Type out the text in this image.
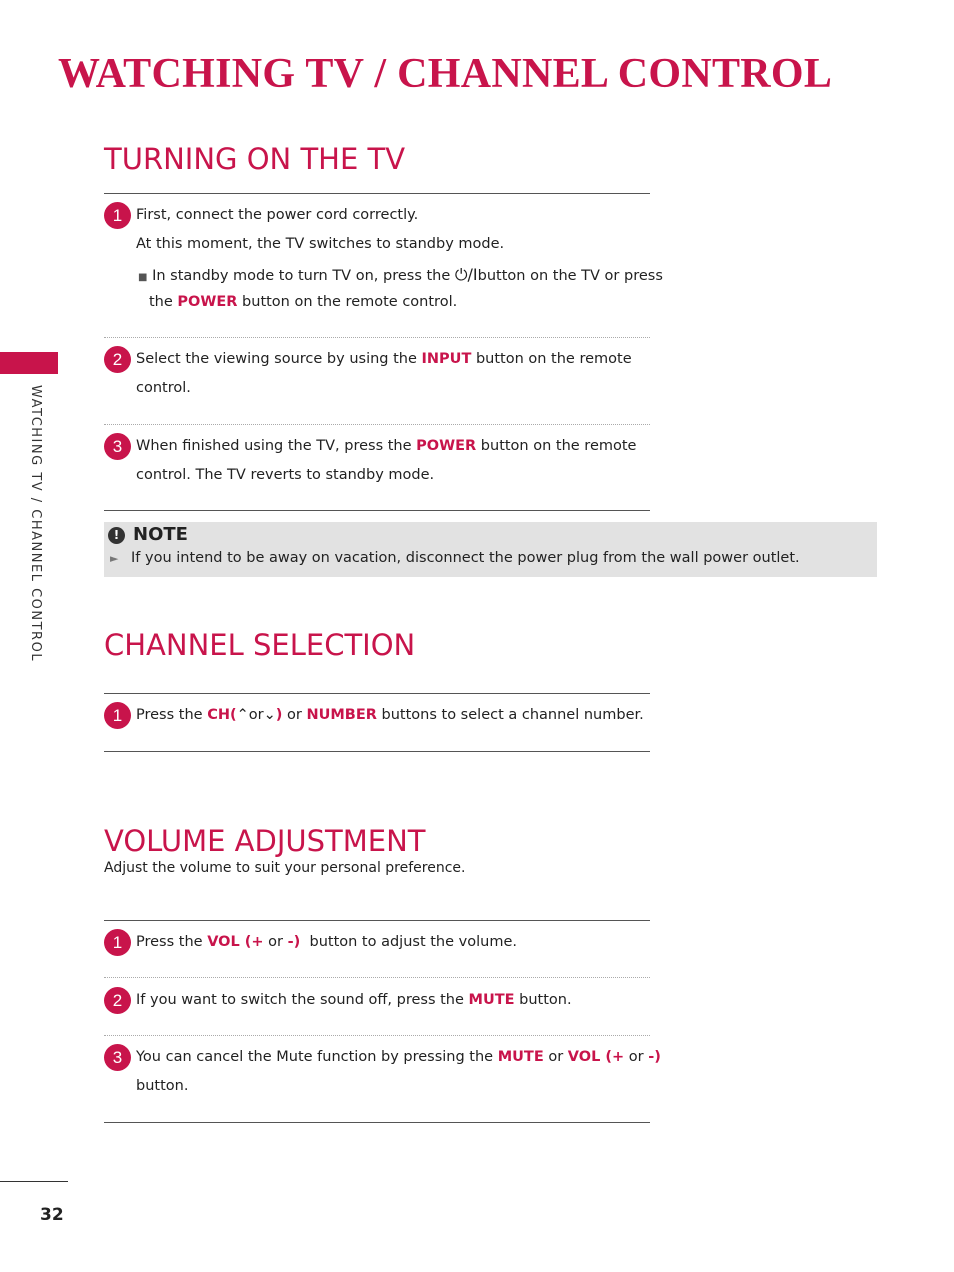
WATCHING TV / CHANNEL CONTROL
WATCHING TV / CHANNEL CONTROL
TURNING ON THE TV
1 First, connect the power cord correctly.
At this moment, the TV switches to standby mode.
■ In standby mode to turn TV on, press the ⏻/Ibutton on the TV or press
the POWER button on the remote control.
2 Select the viewing source by using the INPUT button on the remote
control.
3 When finished using the TV, press the POWER button on the remote
control. The TV reverts to standby mode.
! NOTE
► If you intend to be away on vacation, disconnect the power plug from the wall power outlet.
CHANNEL SELECTION
1 Press the CH(⌃or⌄) or NUMBER buttons to select a channel number.
VOLUME ADJUSTMENT
Adjust the volume to suit your personal preference.
1 Press the VOL (+ or -)  button to adjust the volume.
2 If you want to switch the sound off, press the MUTE button.
3 You can cancel the Mute function by pressing the MUTE or VOL (+ or -)
button.
32
